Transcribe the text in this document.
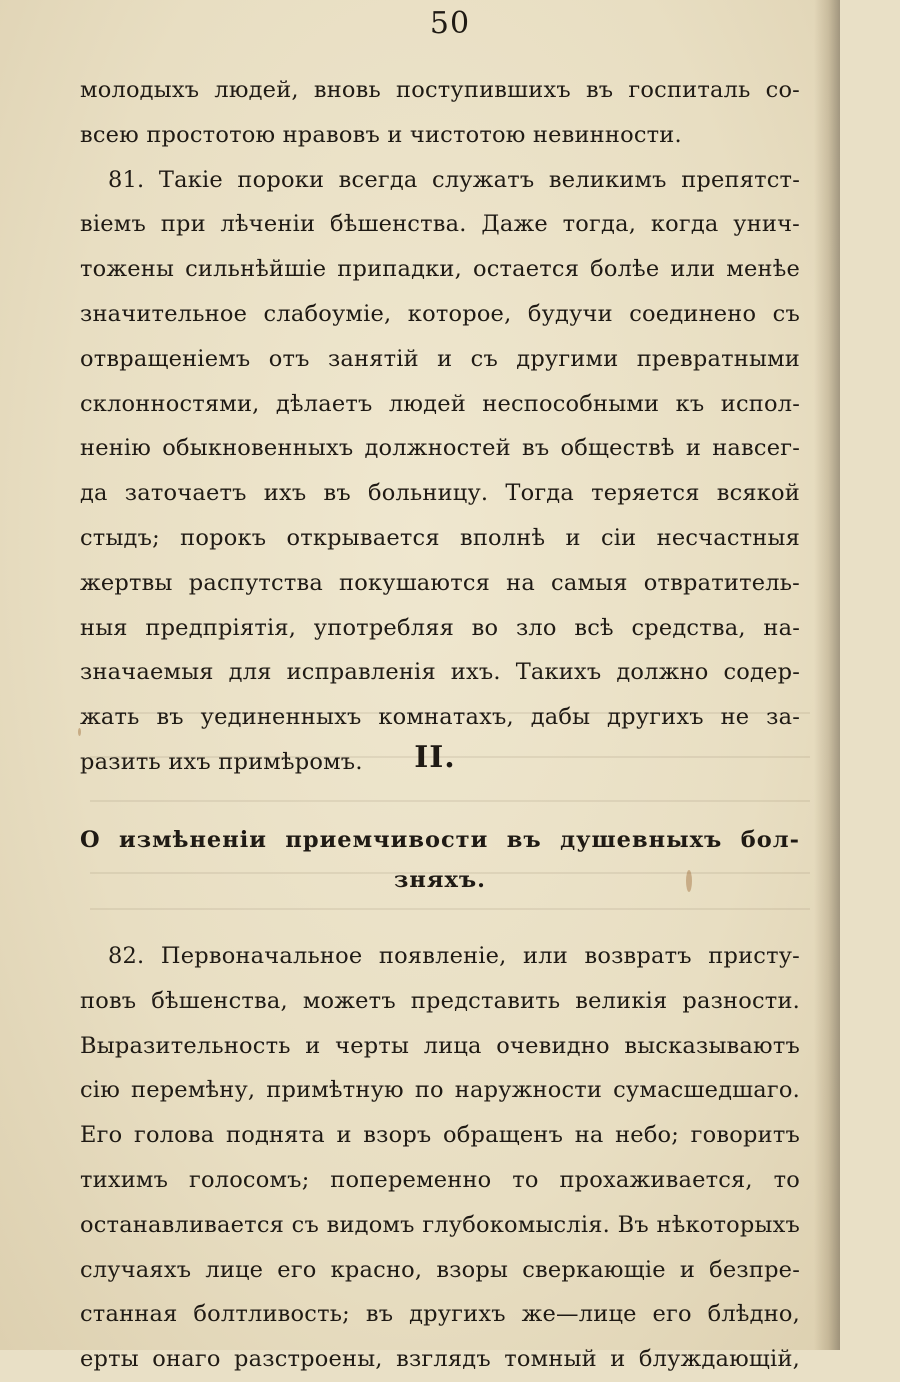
50
молодыхъ людей, вновь поступившихъ въ госпиталь со-
всею простотою нравовъ и чистотою невинности.
81. Такіе пороки всегда служатъ великимъ препятст-
віемъ при лѣченіи бѣшенства. Даже тогда, когда унич-
тожены сильнѣйшіе припадки, остается болѣе или менѣе
значительное слабоуміе, которое, будучи соединено съ
отвращеніемъ отъ занятій и съ другими превратными
склонностями, дѣлаетъ людей неспособными къ испол-
ненію обыкновенныхъ должностей въ обществѣ и навсег-
да заточаетъ ихъ въ больницу. Тогда теряется всякой
стыдъ; порокъ открывается вполнѣ и сіи несчастныя
жертвы распутства покушаются на самыя отвратитель-
ныя предпріятія, употребляя во зло всѣ средства, на-
значаемыя для исправленія ихъ. Такихъ должно содер-
жать въ уединенныхъ комнатахъ, дабы другихъ не за-
разить ихъ примѣромъ.	II.
О измѣненіи приемчивости въ душевныхъ бол-
зняхъ.
82. Первоначальное появленіе, или возвратъ присту-
повъ бѣшенства, можетъ представить великія разности.
Выразительность и черты лица очевидно высказываютъ
сію перемѣну, примѣтную по наружности сумасшедшаго.
Его голова поднята и взоръ обращенъ на небо; говоритъ
тихимъ голосомъ; попеременно то прохаживается, то
останавливается съ видомъ глубокомыслія. Въ нѣкоторыхъ
случаяхъ лице его красно, взоры сверкающіе и безпре-
станная болтливость; въ другихъ же—лице его блѣдно,
ерты онаго разстроены, взглядъ томный и блуждающій,
